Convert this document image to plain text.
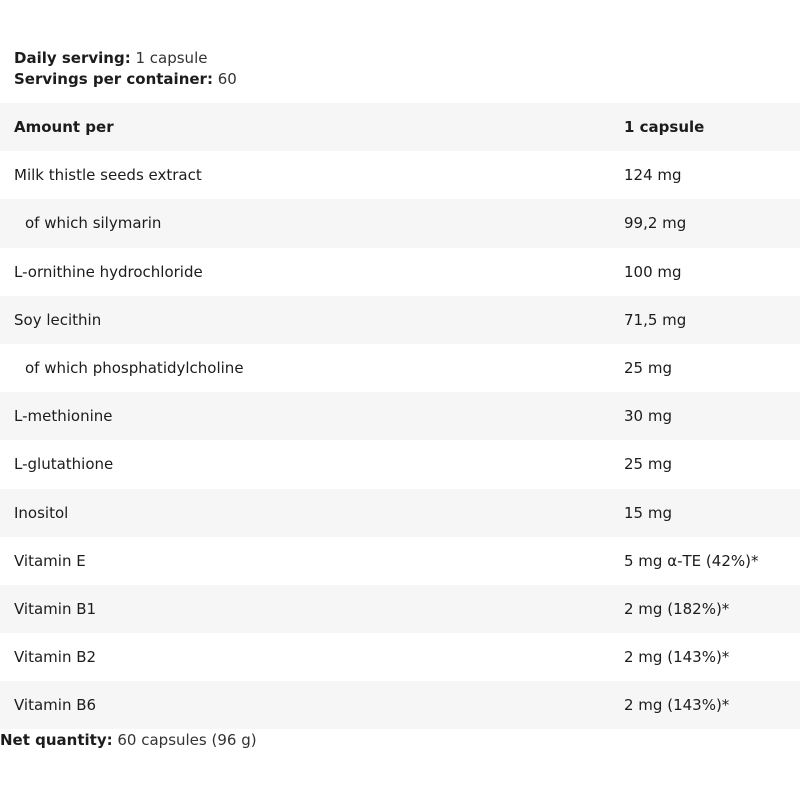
Daily serving: 1 capsule
Servings per container: 60
Amount per	1 capsule
Milk thistle seeds extract	124 mg
of which silymarin	99,2 mg
L-ornithine hydrochloride	100 mg
Soy lecithin	71,5 mg
of which phosphatidylcholine	25 mg
L-methionine	30 mg
L-glutathione	25 mg
Inositol	15 mg
Vitamin E	5 mg α-TE (42%)*
Vitamin B1	2 mg (182%)*
Vitamin B2	2 mg (143%)*
Vitamin B6	2 mg (143%)*
Net quantity: 60 capsules (96 g)
